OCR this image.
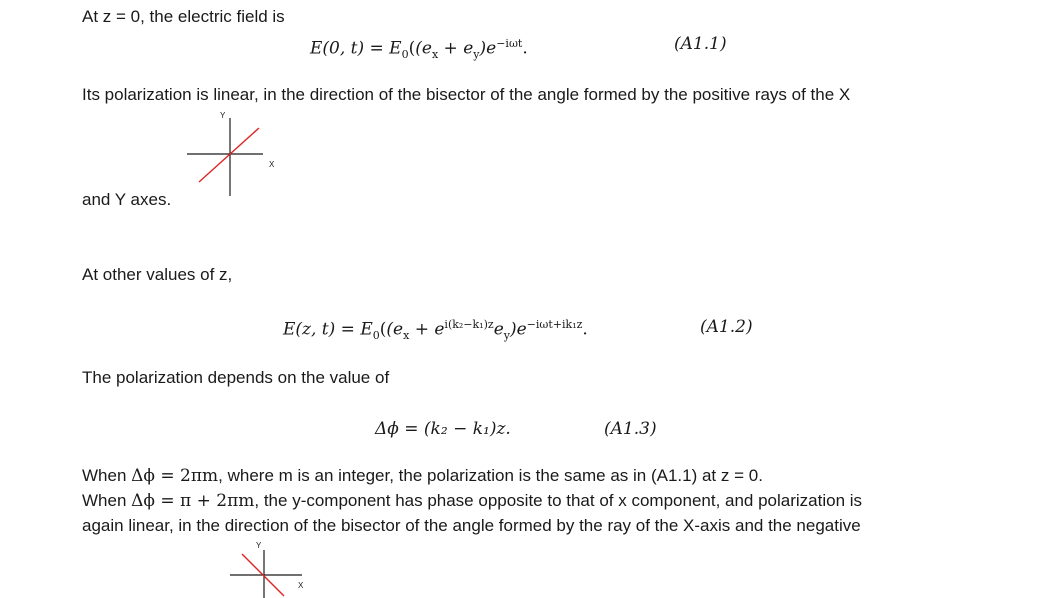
At z = 0, the electric field is
E(0, $t) = E_0((e_x + e_y)e^{-i\omega t}$.	(A1.1)
Its polarization is linear, in the direction of the bisector of the angle formed by the positive rays of the X
Y
X
and Y axes.
At other values of z,
E(z, $t) = E_0((e_x + e^{i(k_2-k_1)z}e_y)e^{-i\omega t+ik_1z}$.	(A1.2)
The polarization depends on the value of
Δϕ = (k₂ − k₁)z.	(A1.3)
When Δϕ = 2πm, where m is an integer, the polarization is the same as in (A1.1) at z = 0.
When Δϕ = π + 2πm, the y-component has phase opposite to that of x component, and polarization is
again linear, in the direction of the bisector of the angle formed by the ray of the X-axis and the negative
Y
X
